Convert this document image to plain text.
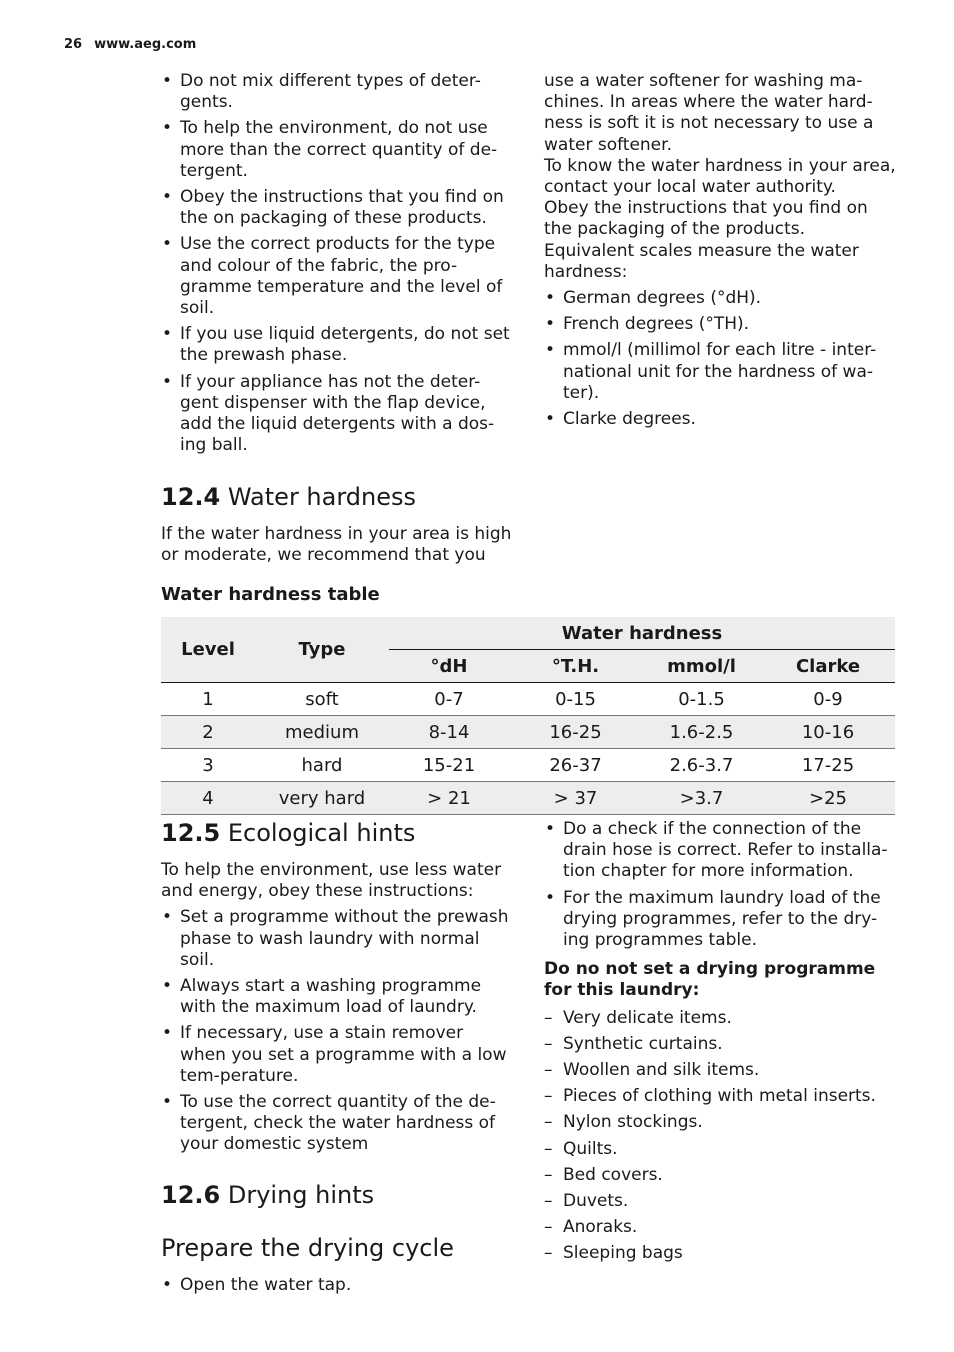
26 www.aeg.com
• Do not mix different types of deter-gents.
• To help the environment, do not use more than the correct quantity of de-tergent.
• Obey the instructions that you find on the on packaging of these products.
• Use the correct products for the type and colour of the fabric, the pro-gramme temperature and the level of soil.
• If you use liquid detergents, do not set the prewash phase.
• If your appliance has not the deter-gent dispenser with the flap device, add the liquid detergents with a dos-ing ball.
12.4 Water hardness

If the water hardness in your area is high or moderate, we recommend that you

use a water softener for washing ma-chines. In areas where the water hard-ness is soft it is not necessary to use a water softener.

To know the water hardness in your area, contact your local water authority.

Obey the instructions that you find on the packaging of the products.

Equivalent scales measure the water hardness:

• German degrees (°dH).
• French degrees (°TH).
• mmol/l (millimol for each litre - inter-national unit for the hardness of wa-ter).
• Clarke degrees.
Water hardness table
Level	Type	Water hardness			
		°dH	°T.H.	mmol/l	Clarke
1	soft	0-7	0-15	0-1.5	0-9
2	medium	8-14	16-25	1.6-2.5	10-16
3	hard	15-21	26-37	2.6-3.7	17-25
4	very hard	> 21	> 37	>3.7	>25
12.5 Ecological hints

To help the environment, use less water and energy, obey these instructions:

• Set a programme without the prewash phase to wash laundry with normal soil.
• Always start a washing programme with the maximum load of laundry.
• If necessary, use a stain remover when you set a programme with a low tem-perature.
• To use the correct quantity of the de-tergent, check the water hardness of your domestic system
12.6 Drying hints
Prepare the drying cycle
• Open the water tap.
• Do a check if the connection of the drain hose is correct. Refer to installa-tion chapter for more information.
• For the maximum laundry load of the drying programmes, refer to the dry-ing programmes table.

Do no not set a drying programme for this laundry:

– Very delicate items.
– Synthetic curtains.
– Woollen and silk items.
– Pieces of clothing with metal inserts.
– Nylon stockings.
– Quilts.
– Bed covers.
– Duvets.
– Anoraks.
– Sleeping bags
